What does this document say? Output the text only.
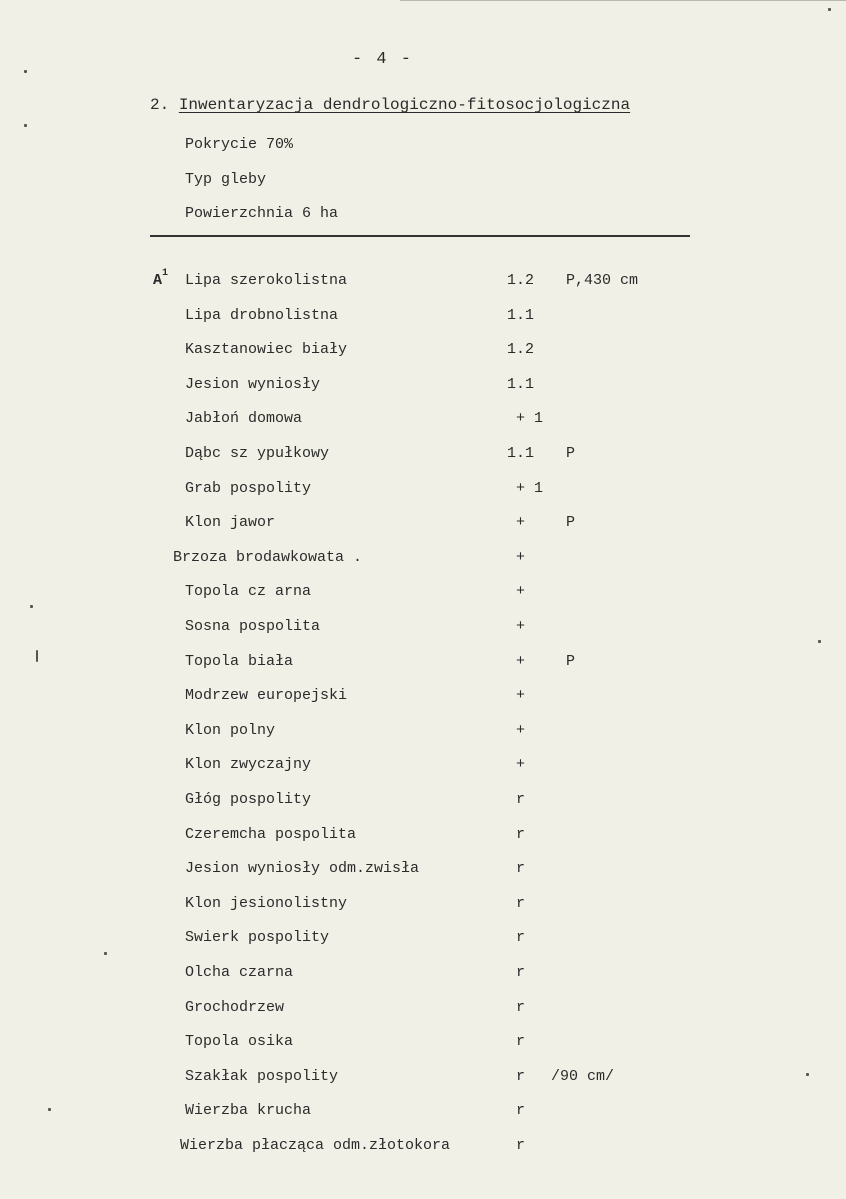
- 4 -
2. Inwentaryzacja dendrologiczno-fitosocjologiczna
Pokrycie 70%
Typ gleby
Powierzchnia 6 ha
$A^1$ Lipa szerokolistna	1.2 P,430 cm
Lipa drobnolistna	1.1
Kasztanowiec biały	1.2
Jesion wyniosły	1.1
Jabłoń domowa	+ 1
Dąbc sz ypułkowy	1.1 P
Grab pospolity	+ 1
Klon jawor	+	P
Brzoza brodawkowata .	+
Topola cz arna	+
Sosna pospolita	+
Topola biała	+	P
Modrzew europejski	+
Klon polny	+
Klon zwyczajny	+
Głóg pospolity	r
Czeremcha pospolita	r
Jesion wyniosły odm.zwisła	r
Klon jesionolistny	r
Swierk pospolity	r
Olcha czarna	r
Grochodrzew	r
Topola osika	r
Szakłak pospolity	r /90 cm/
Wierzba krucha	r
Wierzba płacząca odm.złotokora	r
